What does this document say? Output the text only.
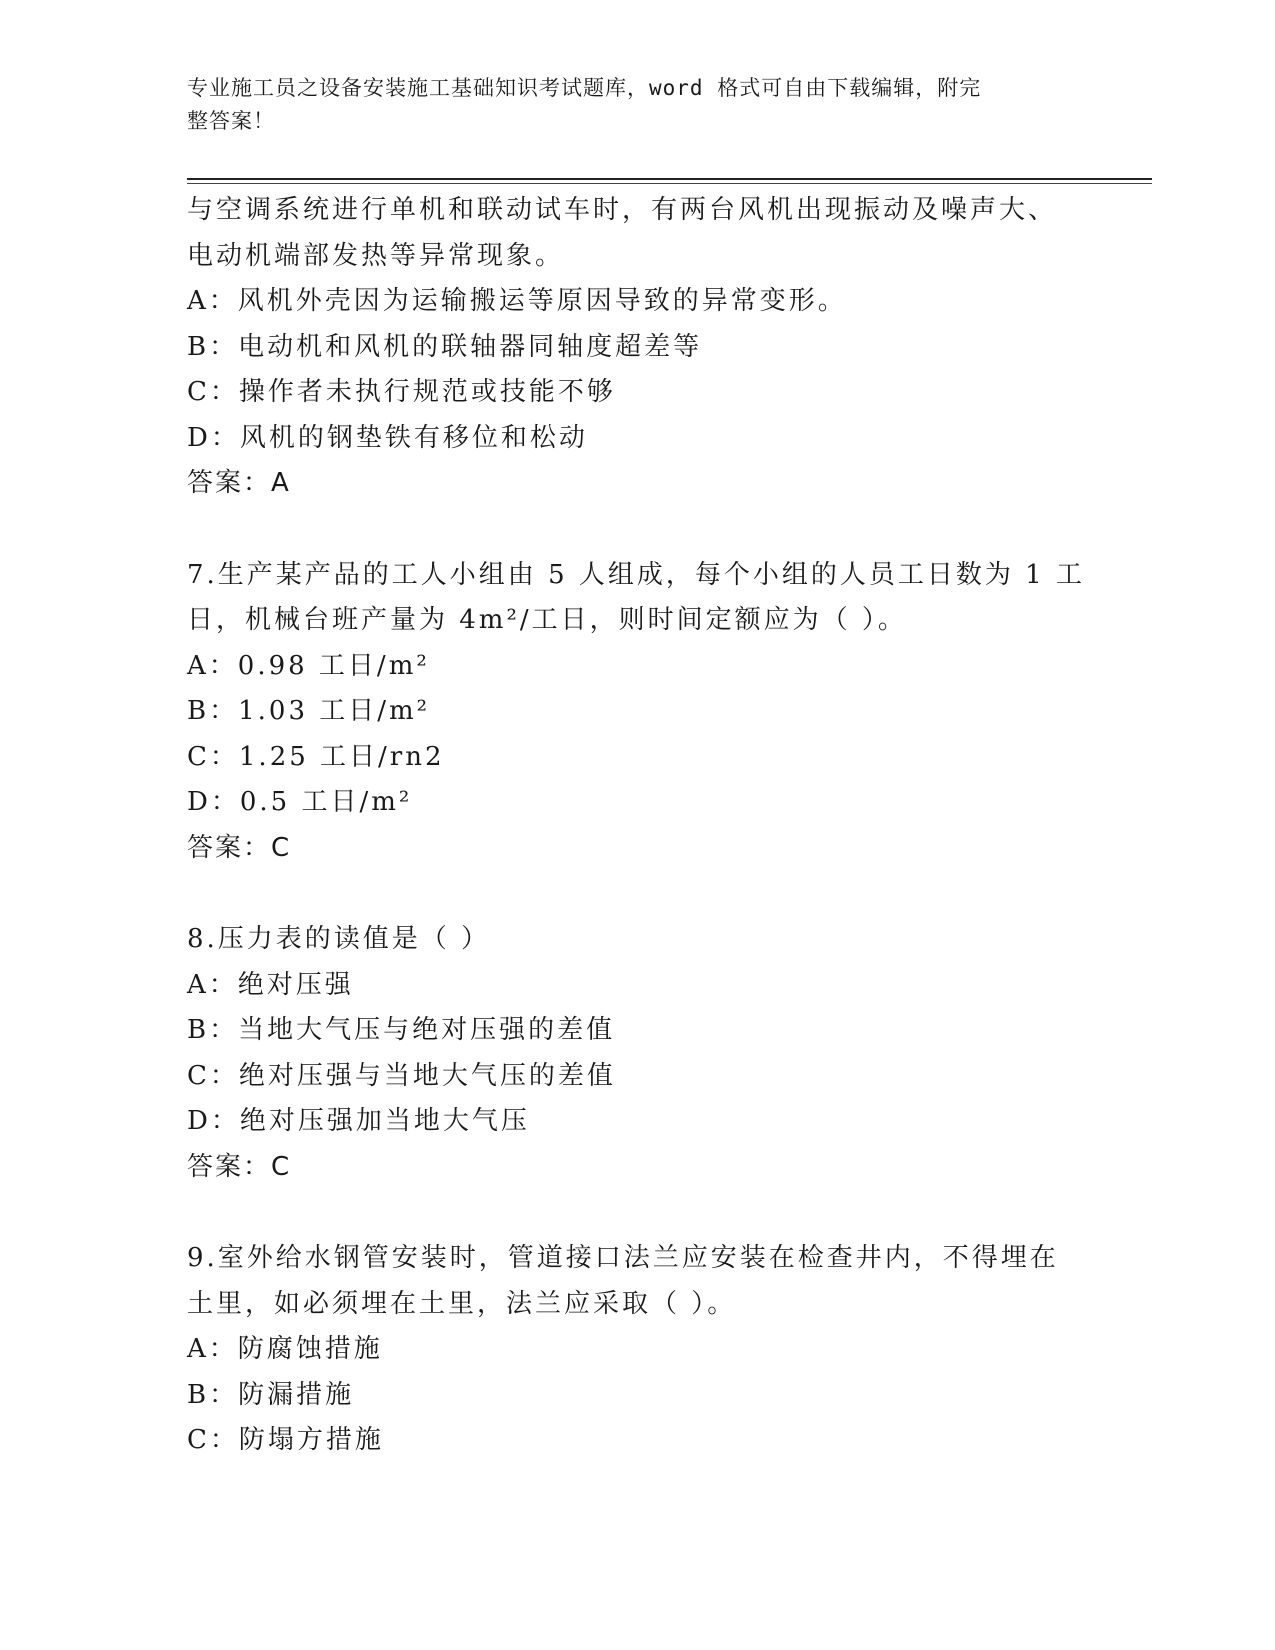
专业施工员之设备安装施工基础知识考试题库，word 格式可自由下载编辑，附完
整答案！
与空调系统进行单机和联动试车时，有两台风机出现振动及噪声大、
电动机端部发热等异常现象。
A：风机外壳因为运输搬运等原因导致的异常变形。
B：电动机和风机的联轴器同轴度超差等
C：操作者未执行规范或技能不够
D：风机的钢垫铁有移位和松动
答案：A
7.生产某产品的工人小组由 5 人组成，每个小组的人员工日数为 1 工
日，机械台班产量为 4m²/工日，则时间定额应为（ ）。
A：0.98 工日/m²
B：1.03 工日/m²
C：1.25 工日/rn2
D：0.5 工日/m²
答案：C
8.压力表的读值是（ ）
A：绝对压强
B：当地大气压与绝对压强的差值
C：绝对压强与当地大气压的差值
D：绝对压强加当地大气压
答案：C
9.室外给水钢管安装时，管道接口法兰应安装在检查井内，不得埋在
土里，如必须埋在土里，法兰应采取（ ）。
A：防腐蚀措施
B：防漏措施
C：防塌方措施
